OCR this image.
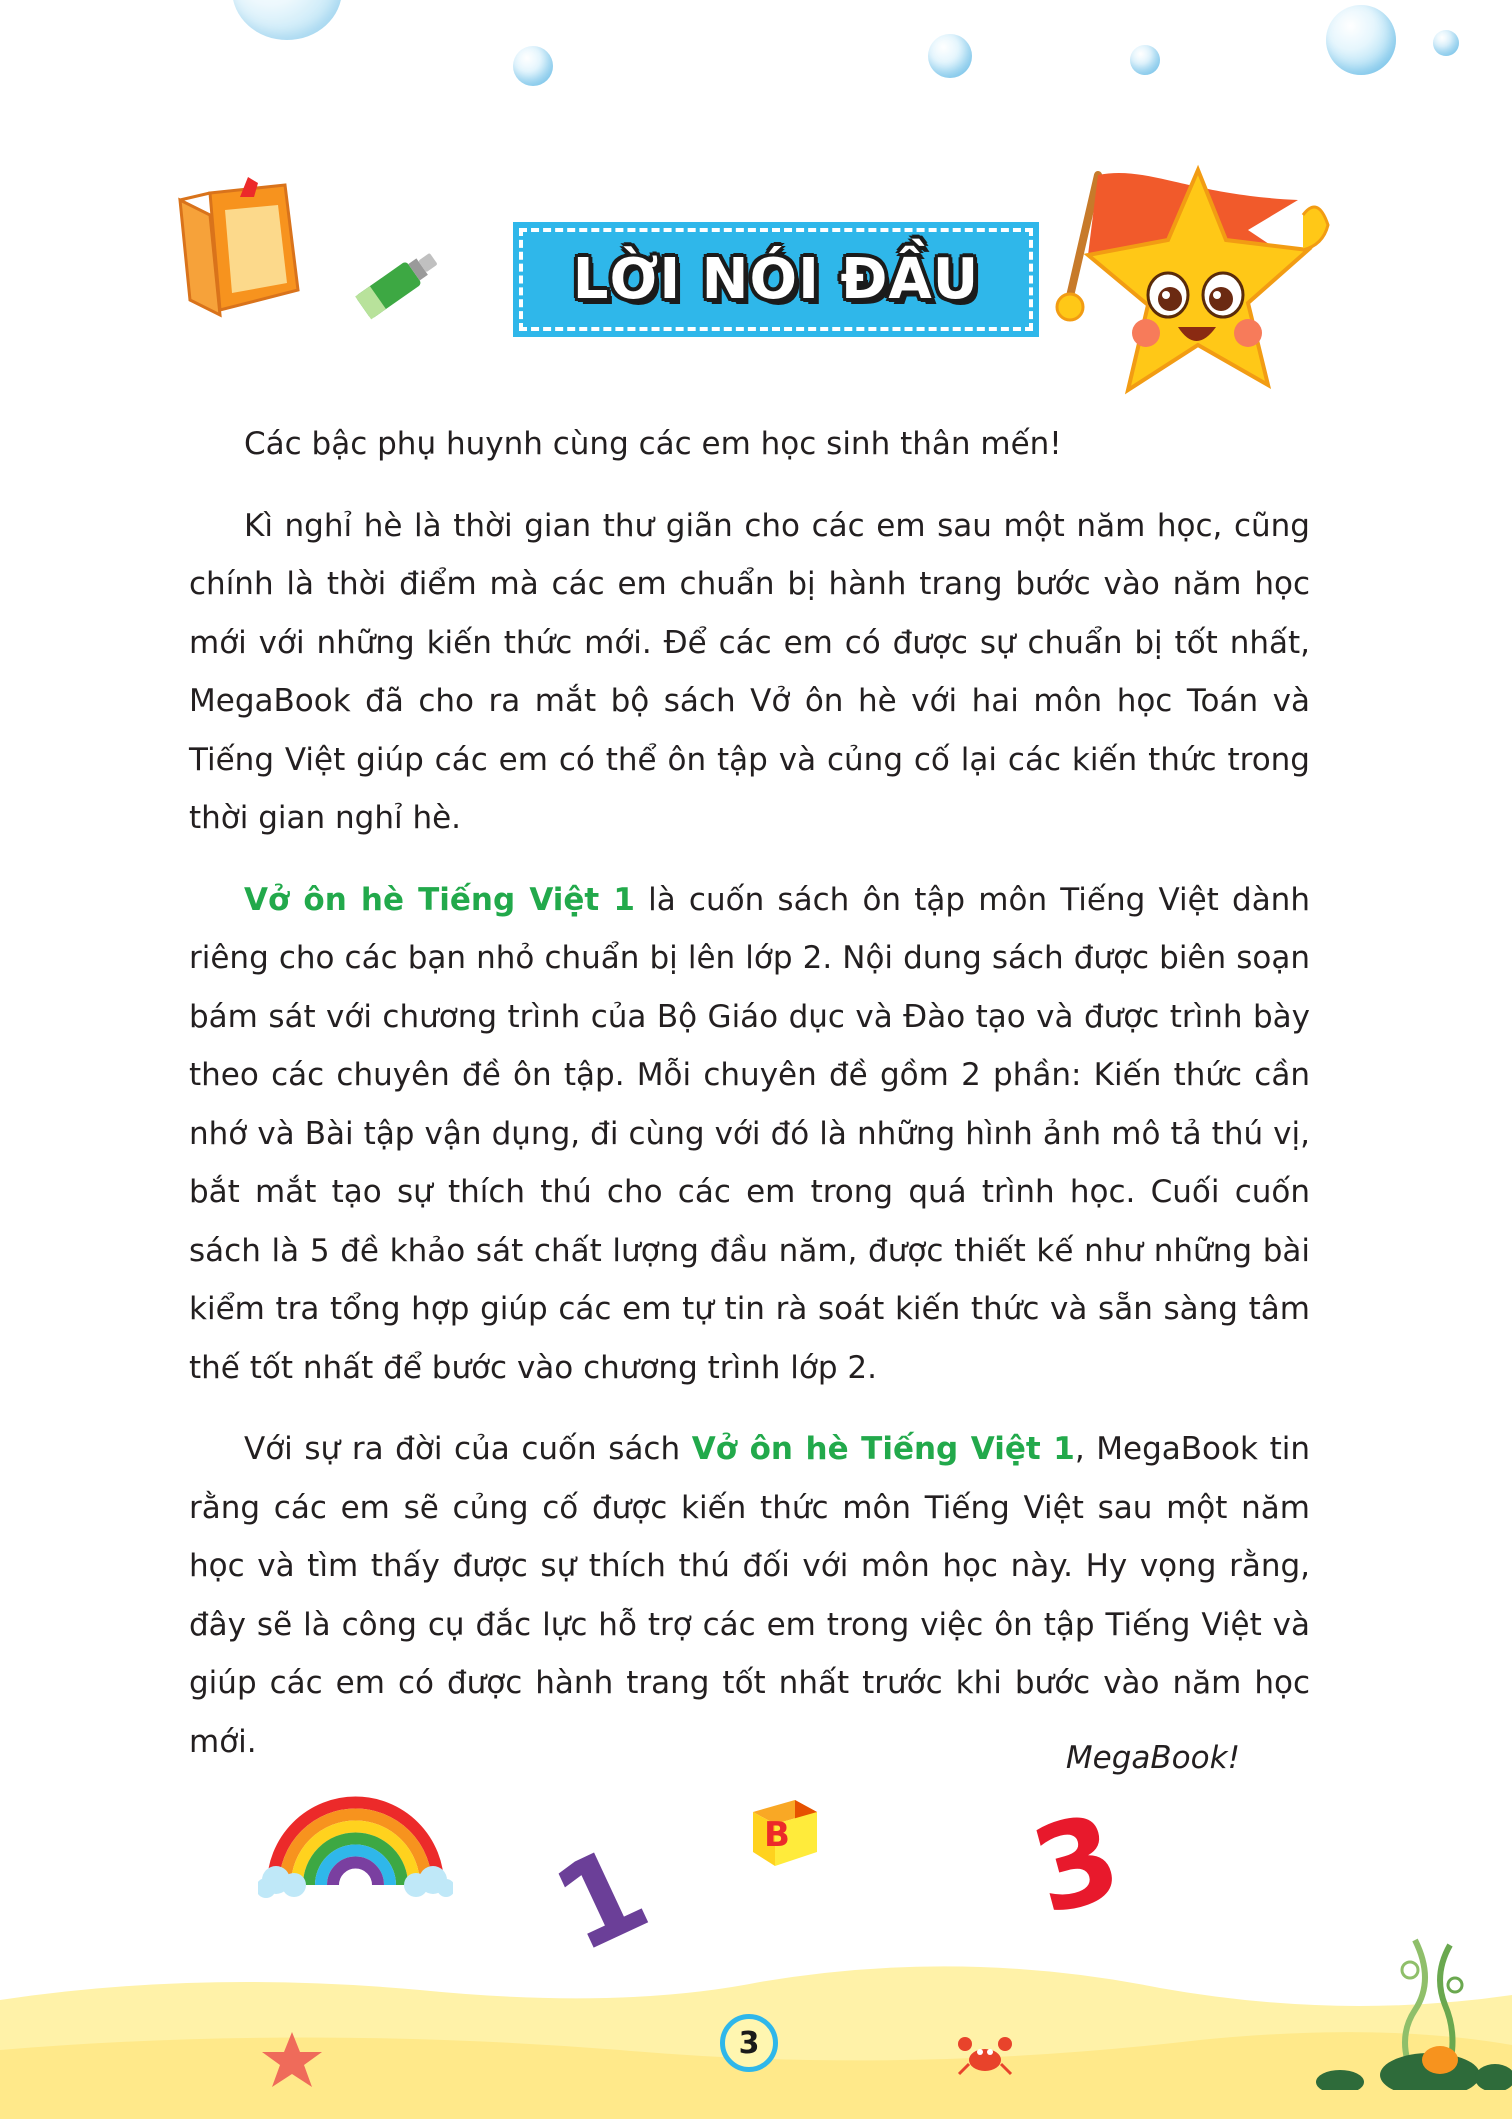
LỜI NÓI ĐẦU

Các bậc phụ huynh cùng các em học sinh thân mến!

Kì nghỉ hè là thời gian thư giãn cho các em sau một năm học, cũng chính là thời điểm mà các em chuẩn bị hành trang bước vào năm học mới với những kiến thức mới. Để các em có được sự chuẩn bị tốt nhất, MegaBook đã cho ra mắt bộ sách Vở ôn hè với hai môn học Toán và Tiếng Việt giúp các em có thể ôn tập và củng cố lại các kiến thức trong thời gian nghỉ hè.

Vở ôn hè Tiếng Việt 1 là cuốn sách ôn tập môn Tiếng Việt dành riêng cho các bạn nhỏ chuẩn bị lên lớp 2. Nội dung sách được biên soạn bám sát với chương trình của Bộ Giáo dục và Đào tạo và được trình bày theo các chuyên đề ôn tập. Mỗi chuyên đề gồm 2 phần: Kiến thức cần nhớ và Bài tập vận dụng, đi cùng với đó là những hình ảnh mô tả thú vị, bắt mắt tạo sự thích thú cho các em trong quá trình học. Cuối cuốn sách là 5 đề khảo sát chất lượng đầu năm, được thiết kế như những bài kiểm tra tổng hợp giúp các em tự tin rà soát kiến thức và sẵn sàng tâm thế tốt nhất để bước vào chương trình lớp 2.

Với sự ra đời của cuốn sách Vở ôn hè Tiếng Việt 1, MegaBook tin rằng các em sẽ củng cố được kiến thức môn Tiếng Việt sau một năm học và tìm thấy được sự thích thú đối với môn học này. Hy vọng rằng, đây sẽ là công cụ đắc lực hỗ trợ các em trong việc ôn tập Tiếng Việt và giúp các em có được hành trang tốt nhất trước khi bước vào năm học mới.	MegaBook!
1	B 3
3
